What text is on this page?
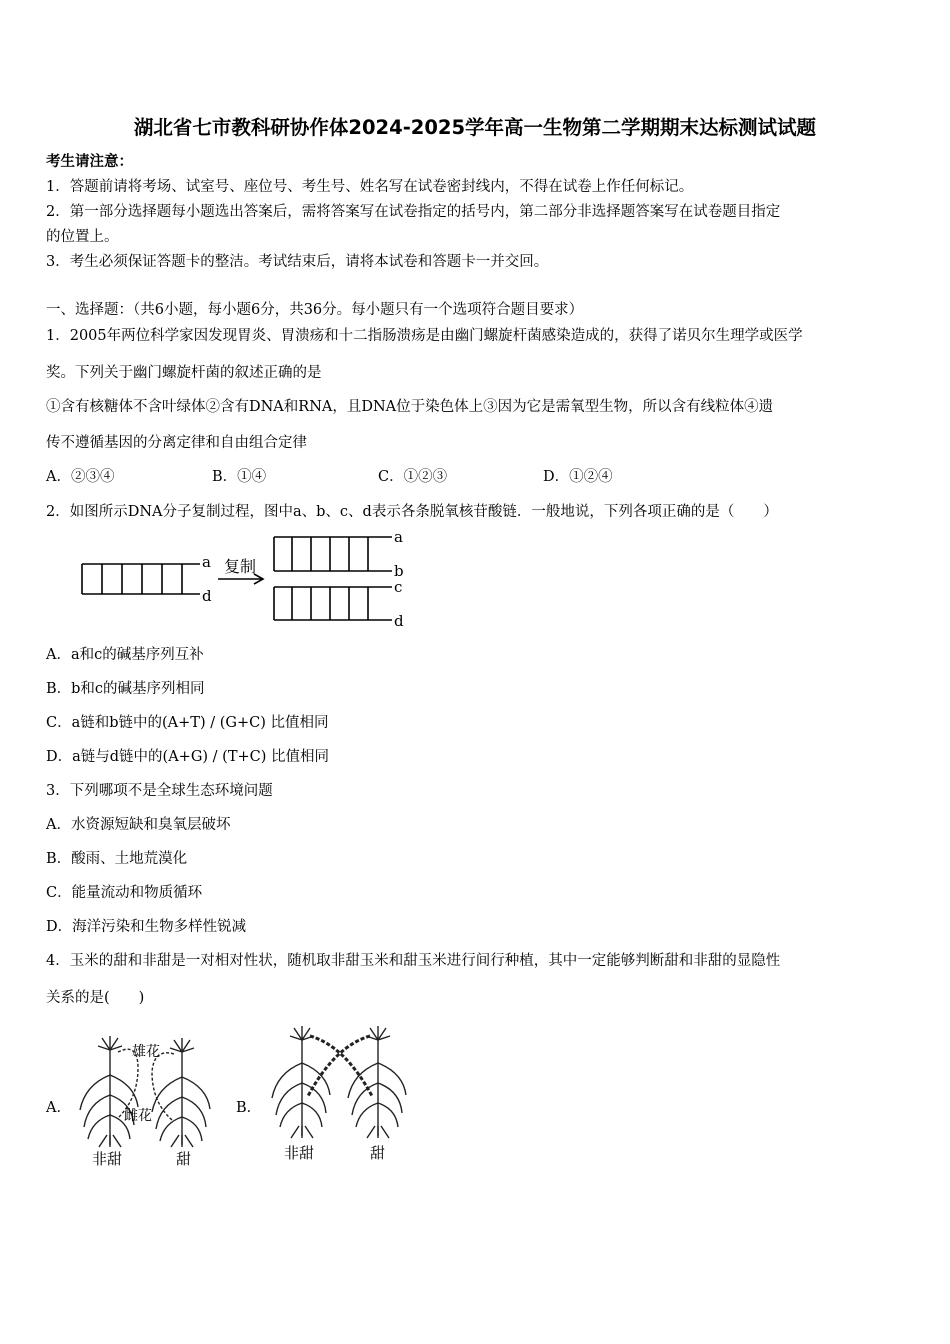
湖北省七市教科研协作体2024-2025学年高一生物第二学期期末达标测试试题
考生请注意：
1．答题前请将考场、试室号、座位号、考生号、姓名写在试卷密封线内，不得在试卷上作任何标记。
2．第一部分选择题每小题选出答案后，需将答案写在试卷指定的括号内，第二部分非选择题答案写在试卷题目指定
的位置上。
3．考生必须保证答题卡的整洁。考试结束后，请将本试卷和答题卡一并交回。
一、选择题：（共6小题，每小题6分，共36分。每小题只有一个选项符合题目要求）
1．2005年两位科学家因发现胃炎、胃溃疡和十二指肠溃疡是由幽门螺旋杆菌感染造成的，获得了诺贝尔生理学或医学
奖。下列关于幽门螺旋杆菌的叙述正确的是
①含有核糖体不含叶绿体②含有DNA和RNA，且DNA位于染色体上③因为它是需氧型生物，所以含有线粒体④遗
传不遵循基因的分离定律和自由组合定律
A．②③④	B．①④	C．①②③	D．①②④
2．如图所示DNA分子复制过程，图中a、b、c、d表示各条脱氧核苷酸链．一般地说，下列各项正确的是（　　）
a
d
复制
a
b
c
d
A．a和c的碱基序列互补
B．b和c的碱基序列相同
C．a链和b链中的(A+T) / (G+C) 比值相同
D．a链与d链中的(A+G) / (T+C) 比值相同
3．下列哪项不是全球生态环境问题
A．水资源短缺和臭氧层破坏
B．酸雨、土地荒漠化
C．能量流动和物质循环
D．海洋污染和生物多样性锐减
4．玉米的甜和非甜是一对相对性状，随机取非甜玉米和甜玉米进行间行种植，其中一定能够判断甜和非甜的显隐性
关系的是(　　)
A．
雄花
雌花
非甜	甜
B．
非甜	甜
